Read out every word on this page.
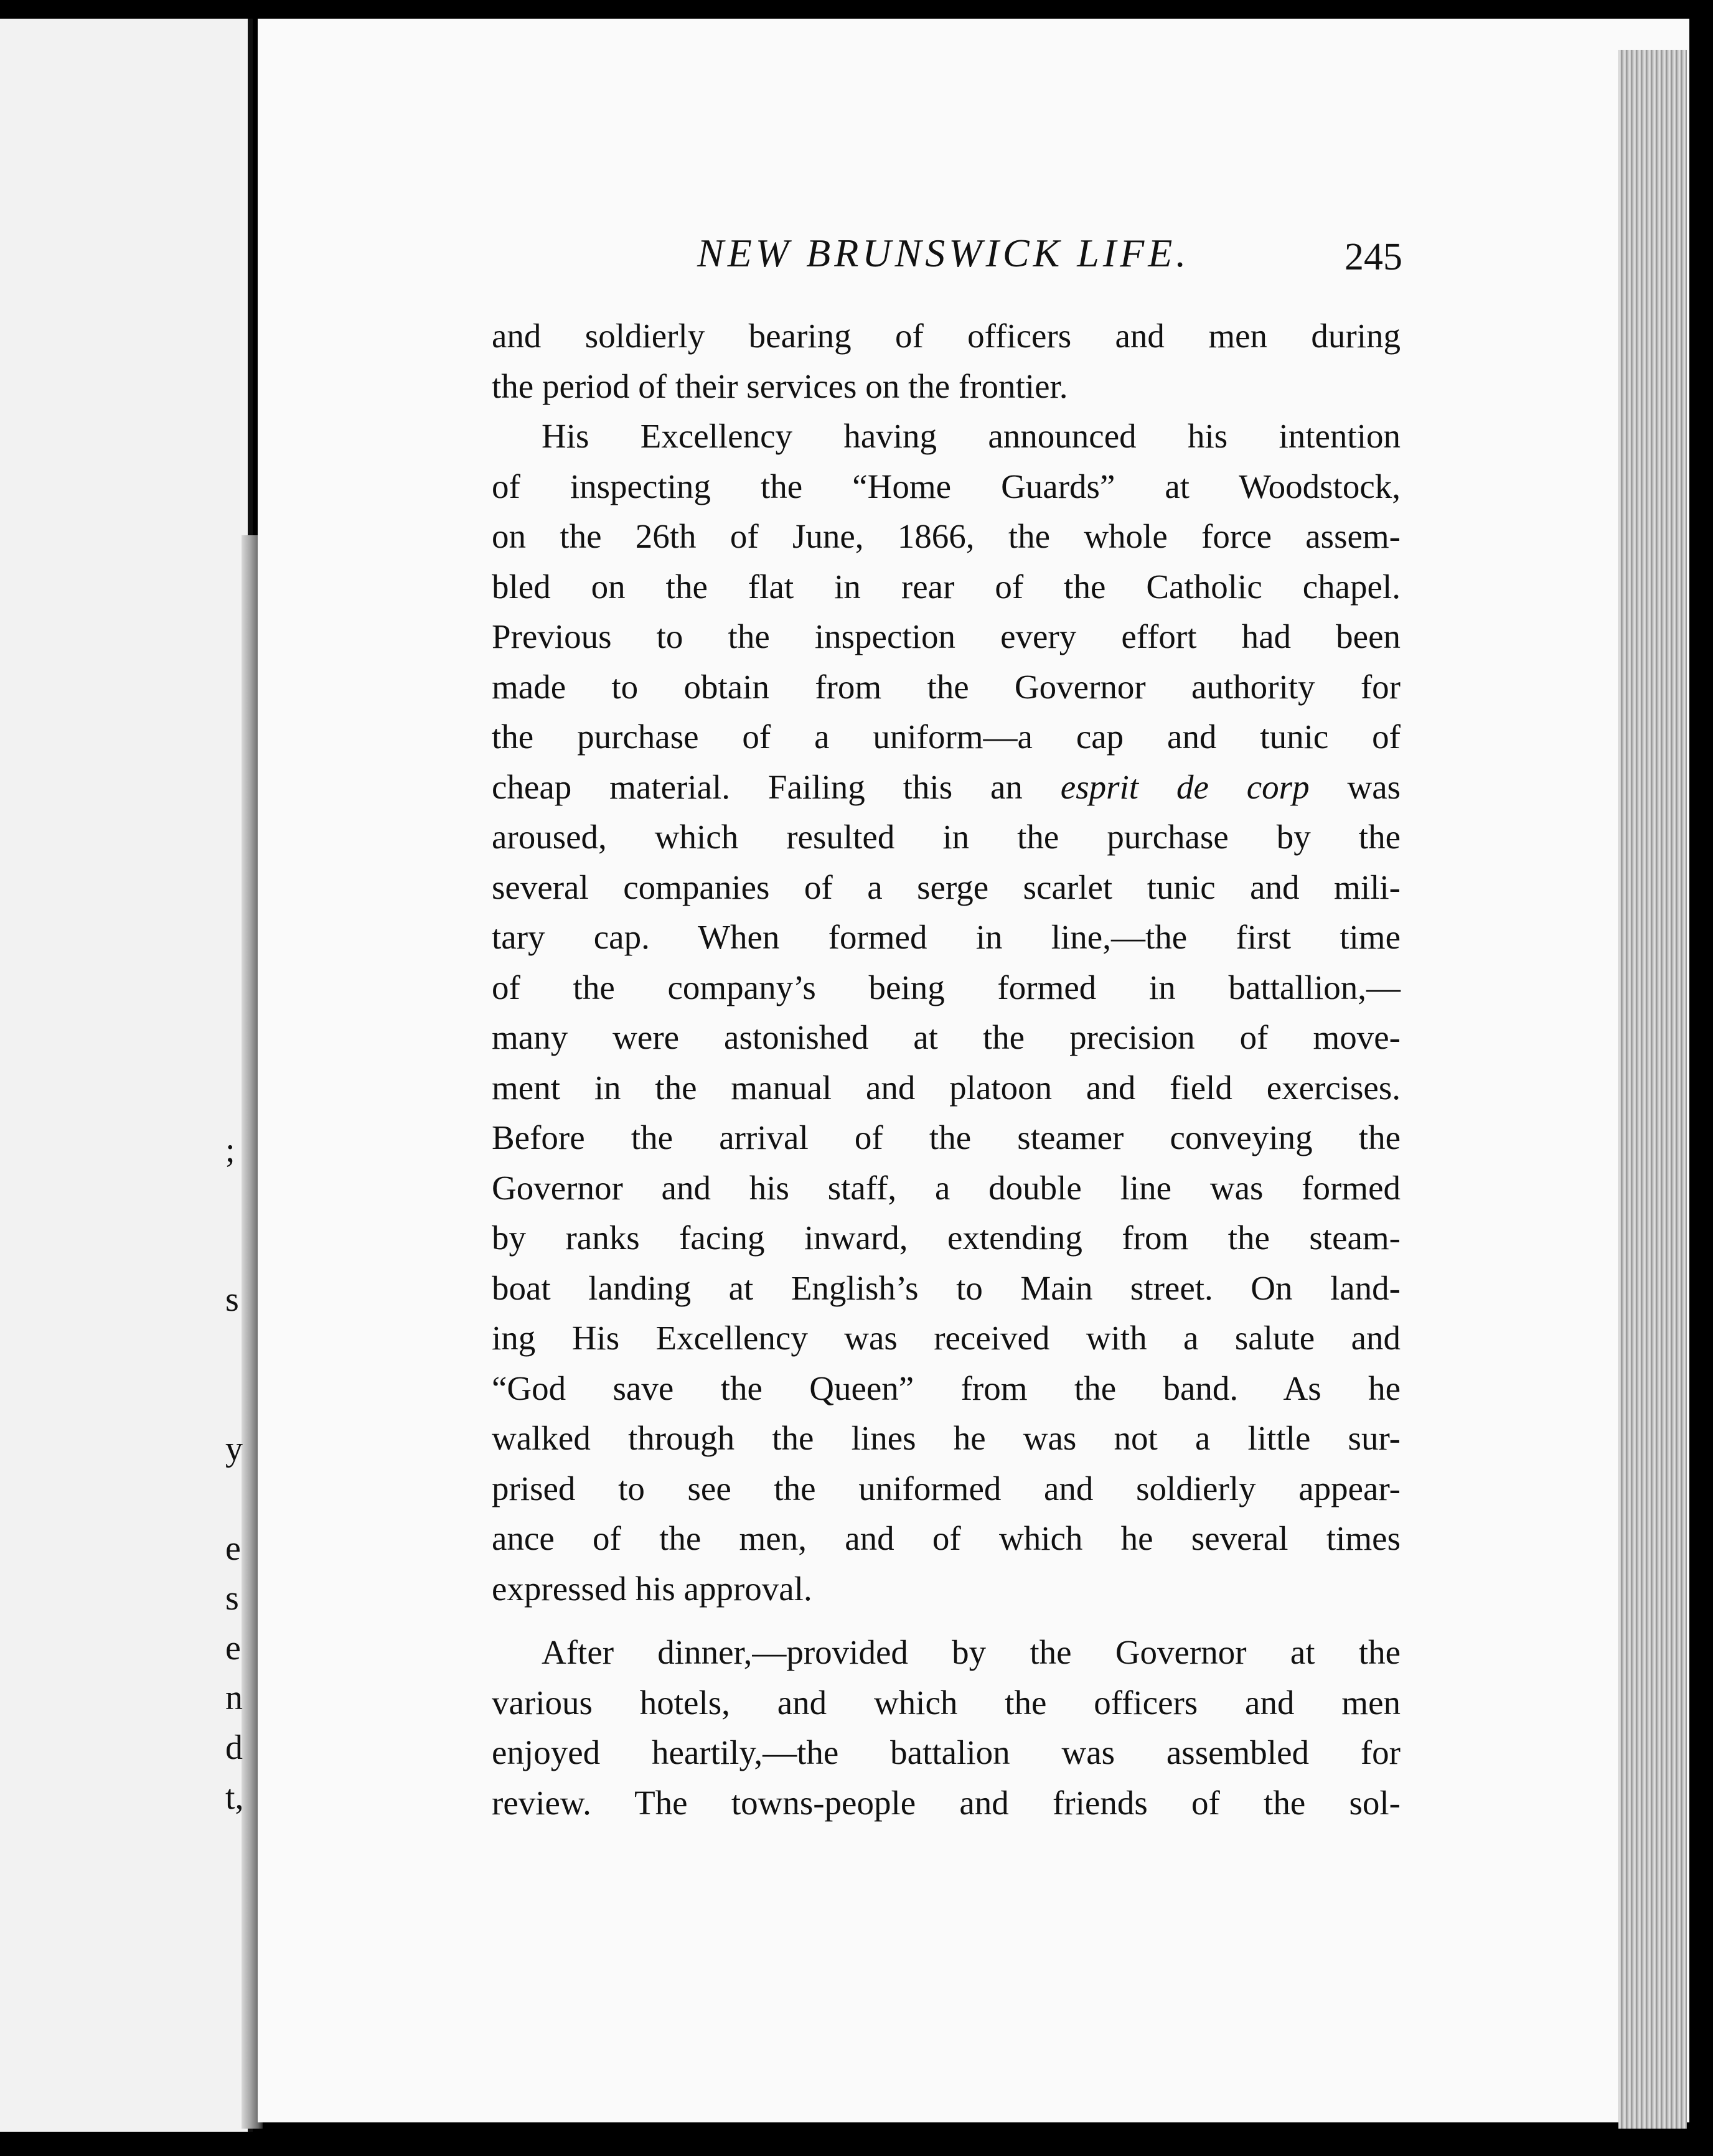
;
s
y
e
s
e
n
d
t,
NEW BRUNSWICK LIFE.	245
and soldierly bearing of officers and men during
the period of their services on the frontier.
His Excellency having announced his intention
of inspecting the “Home Guards” at Woodstock,
on the 26th of June, 1866, the whole force assem-
bled on the flat in rear of the Catholic chapel.
Previous to the inspection every effort had been
made to obtain from the Governor authority for
the purchase of a uniform—a cap and tunic of
cheap material. Failing this an esprit de corp was
aroused, which resulted in the purchase by the
several companies of a serge scarlet tunic and mili-
tary cap. When formed in line,—the first time
of the company’s being formed in battallion,—
many were astonished at the precision of move-
ment in the manual and platoon and field exercises.
Before the arrival of the steamer conveying the
Governor and his staff, a double line was formed
by ranks facing inward, extending from the steam-
boat landing at English’s to Main street. On land-
ing His Excellency was received with a salute and
“God save the Queen” from the band. As he
walked through the lines he was not a little sur-
prised to see the uniformed and soldierly appear-
ance of the men, and of which he several times
expressed his approval.
After dinner,—provided by the Governor at the
various hotels, and which the officers and men
enjoyed heartily,—the battalion was assembled for
review. The towns-people and friends of the sol-
